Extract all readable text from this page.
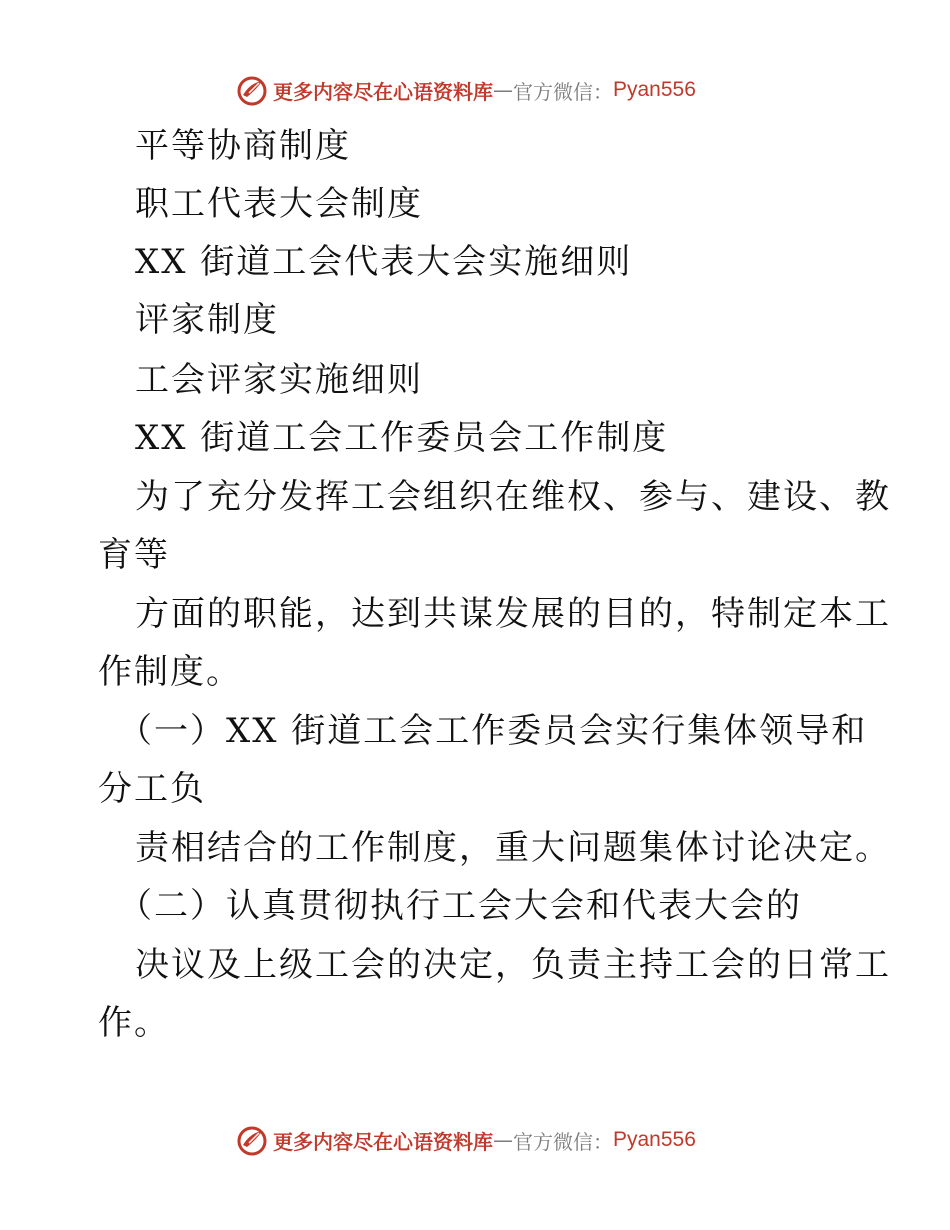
更多内容尽在心语资料库 — 官方微信： Pyan556
平等协商制度
职工代表大会制度
XX 街道工会代表大会实施细则
评家制度
工会评家实施细则
XX 街道工会工作委员会工作制度
为了充分发挥工会组织在维权、参与、建设、教
育等
方面的职能，达到共谋发展的目的，特制定本工
作制度。
（一）XX 街道工会工作委员会实行集体领导和
分工负
责相结合的工作制度，重大问题集体讨论决定。
（二）认真贯彻执行工会大会和代表大会的
决议及上级工会的决定，负责主持工会的日常工
作。
更多内容尽在心语资料库 — 官方微信： Pyan556
